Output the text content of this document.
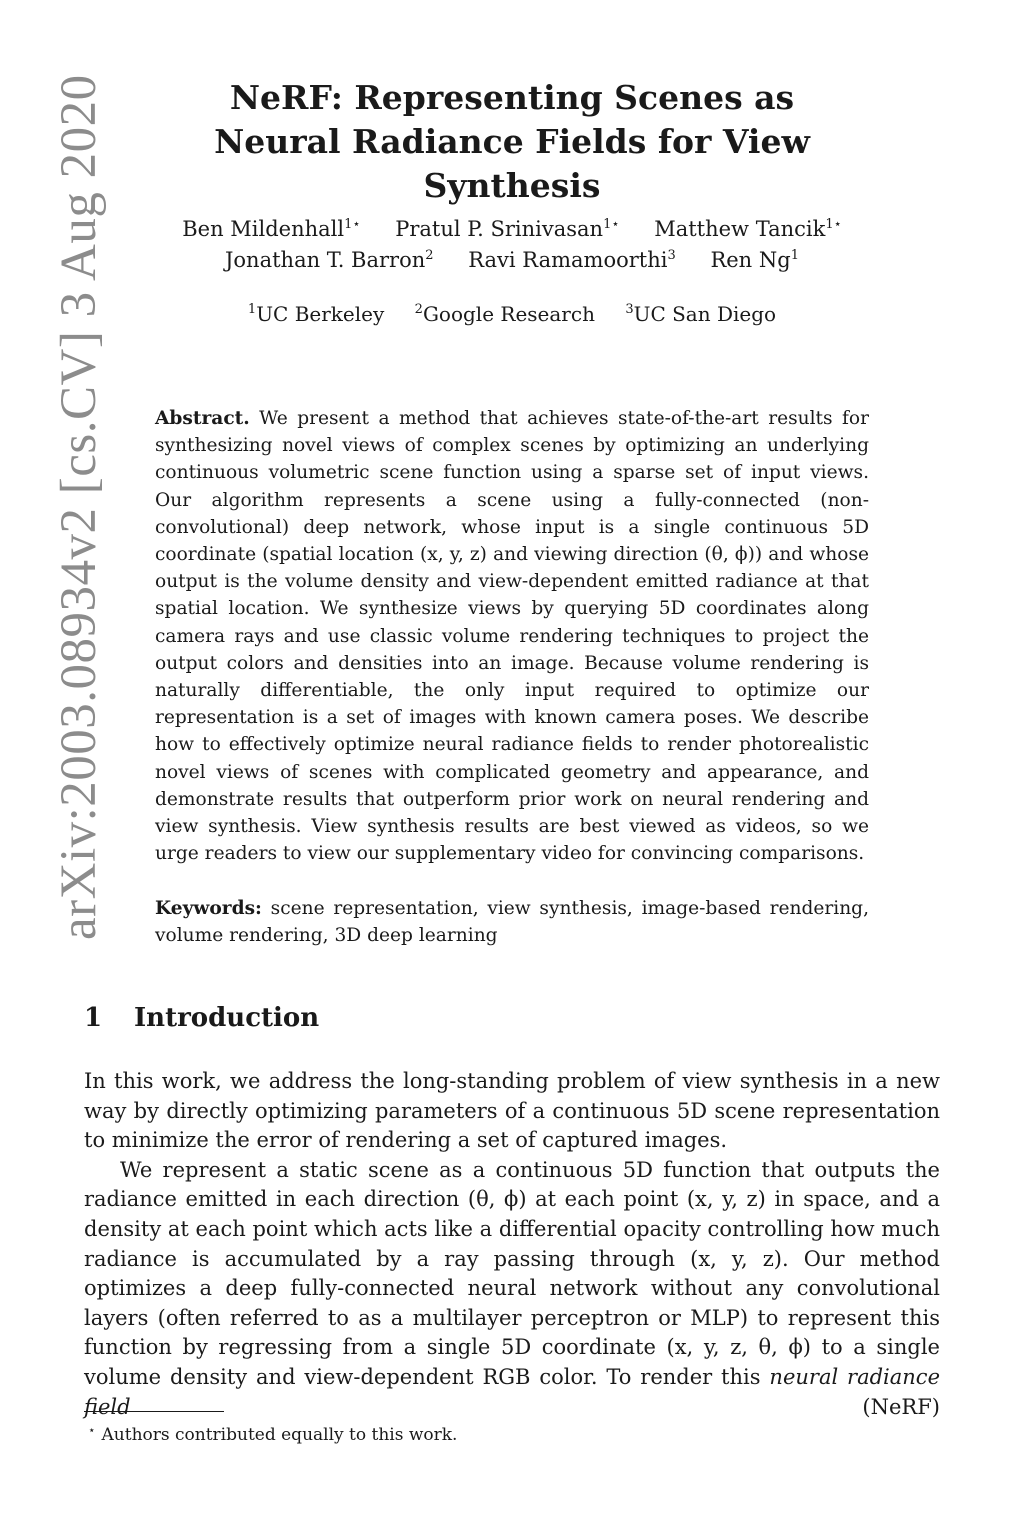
arXiv:2003.08934v2 [cs.CV] 3 Aug 2020	NeRF: Representing Scenes as
Neural Radiance Fields for View Synthesis
Ben Mildenhall$^{1⋆}$ Pratul P. Srinivasan$^{1⋆}$ Matthew Tancik$^{1⋆}$
Jonathan T. Barron$^2$ Ravi Ramamoorthi$^3$ Ren Ng$^1$
$^1$UC Berkeley $^2$Google Research $^3$UC San Diego

Abstract. We present a method that achieves state-of-the-art results for synthesizing novel views of complex scenes by optimizing an underlying continuous volumetric scene function using a sparse set of input views. Our algorithm represents a scene using a fully-connected (non-convolutional) deep network, whose input is a single continuous 5D coordinate (spatial location (x, y, z) and viewing direction (θ, ϕ)) and whose output is the volume density and view-dependent emitted radiance at that spatial location. We synthesize views by querying 5D coordinates along camera rays and use classic volume rendering techniques to project the output colors and densities into an image. Because volume rendering is naturally differentiable, the only input required to optimize our representation is a set of images with known camera poses. We describe how to effectively optimize neural radiance fields to render photorealistic novel views of scenes with complicated geometry and appearance, and demonstrate results that outperform prior work on neural rendering and view synthesis. View synthesis results are best viewed as videos, so we urge readers to view our supplementary video for convincing comparisons.

Keywords: scene representation, view synthesis, image-based rendering, volume rendering, 3D deep learning

1 Introduction

In this work, we address the long-standing problem of view synthesis in a new way by directly optimizing parameters of a continuous 5D scene representation to minimize the error of rendering a set of captured images.

We represent a static scene as a continuous 5D function that outputs the radiance emitted in each direction (θ, ϕ) at each point (x, y, z) in space, and a density at each point which acts like a differential opacity controlling how much radiance is accumulated by a ray passing through (x, y, z). Our method optimizes a deep fully-connected neural network without any convolutional layers (often referred to as a multilayer perceptron or MLP) to represent this function by regressing from a single 5D coordinate (x, y, z, θ, ϕ) to a single volume density and view-dependent RGB color. To render this neural radiance field	(NeRF)

⋆ Authors contributed equally to this work.
